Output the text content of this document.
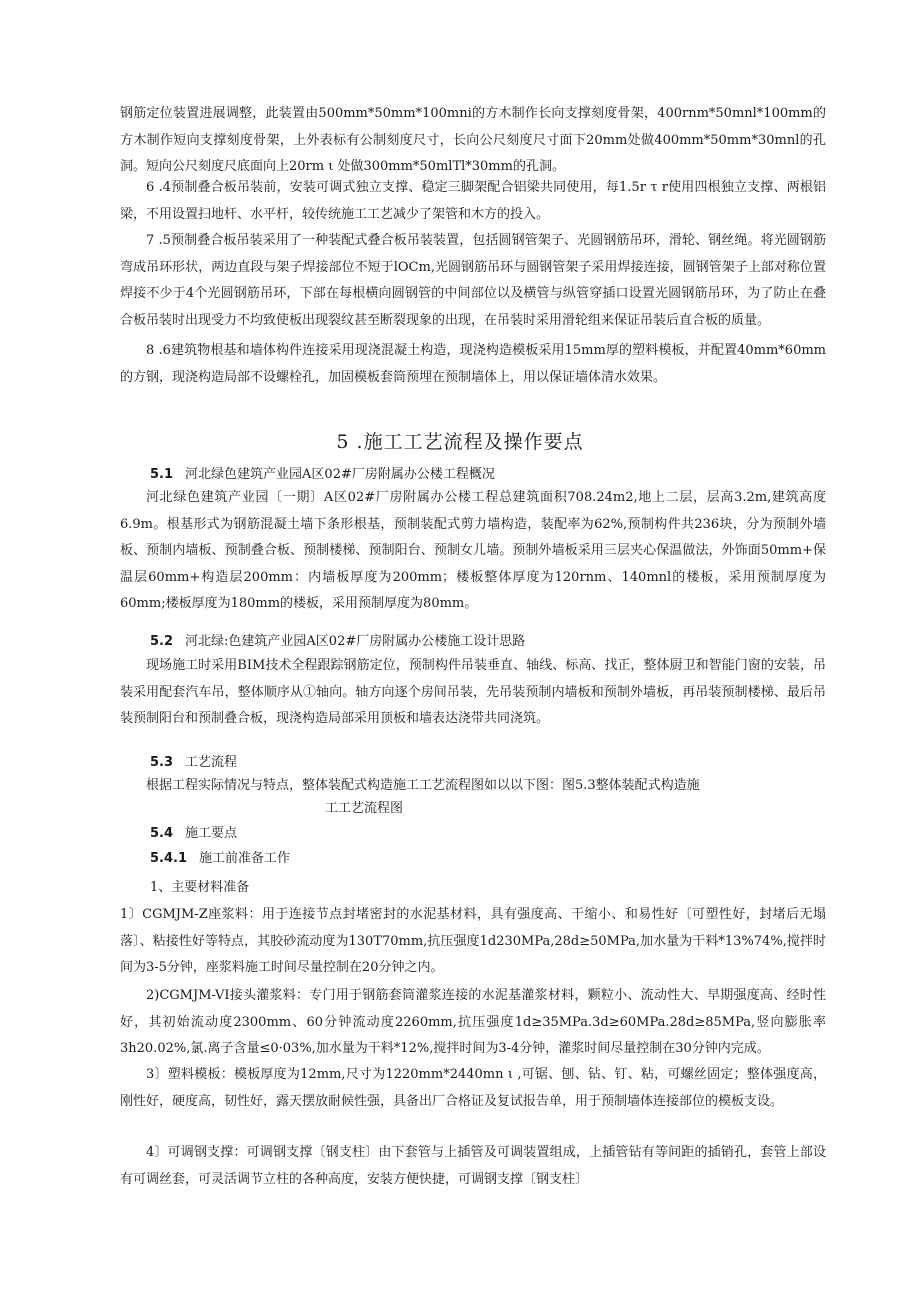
钢筋定位装置进展调整，此装置由500mm*50mm*100mni的方木制作长向支撑刻度骨架，400rnm*50mnl*100mm的方木制作短向支撑刻度骨架，上外表标有公制刻度尺寸，长向公尺刻度尺寸面下20mm处做400mm*50mm*30mnl的孔洞。短向公尺刻度尺底面向上20rm ι 处做300mm*50mlTl*30mm的孔洞。

6 .4预制叠合板吊装前，安装可调式独立支撑、稳定三脚架配合铝梁共同使用，每1.5r τ r使用四根独立支撑、两根铝梁，不用设置扫地杆、水平杆，较传统施工工艺减少了架管和木方的投入。

7 .5预制叠合板吊装采用了一种装配式叠合板吊装装置，包括圆钢管架子、光圆钢筋吊环，滑轮、钢丝绳。将光圆钢筋弯成吊环形状，两边直段与架子焊接部位不短于lOCm,光圆钢筋吊环与圆钢管架子采用焊接连接，圆钢管架子上部对称位置焊接不少于4个光圆钢筋吊环，下部在每根横向圆钢管的中间部位以及横管与纵管穿插口设置光圆钢筋吊环，为了防止在叠合板吊装时出现受力不均致使板出现裂纹甚至断裂现象的出现，在吊装时采用滑轮组来保证吊装后直合板的质量。

8 .6建筑物根基和墙体构件连接采用现浇混凝土构造，现浇构造模板采用15mm厚的塑料模板，并配置40mm*60mm的方钢，现浇构造局部不设螺栓孔，加固模板套筒预埋在预制墙体上，用以保证墙体清水效果。

5 .施工工艺流程及操作要点

5.1 河北绿色建筑产业园A区02#厂房附属办公楼工程概况

河北绿色建筑产业园〔一期〕A区02#厂房附属办公楼工程总建筑面积708.24m2,地上二层，层高3.2m,建筑高度6.9m。根基形式为钢筋混凝土墙下条形根基，预制装配式剪力墙构造，装配率为62%,预制构件共236块，分为预制外墙板、预制内墙板、预制叠合板、预制楼梯、预制阳台、预制女儿墙。预制外墙板采用三层夹心保温做法，外饰面50mm+保温层60mm+构造层200mm：内墙板厚度为200mm；楼板整体厚度为120rnm、140mnl的楼板，采用预制厚度为60mm;楼板厚度为180mm的楼板，采用预制厚度为80mm。

5.2 河北绿:色建筑产业园A区02#厂房附属办公楼施工设计思路

现场施工时采用BIM技术全程跟踪钢筋定位，预制构件吊装垂直、轴线、标高、找正，整体厨卫和智能门窗的安装，吊装采用配套汽车吊，整体顺序从①轴向。轴方向逐个房间吊装，先吊装预制内墙板和预制外墙板，再吊装预制楼梯、最后吊装预制阳台和预制叠合板，现浇构造局部采用顶板和墙表达浇带共同浇筑。

5.3 工艺流程

根据工程实际情况与特点，整体装配式构造施工工艺流程图如以以下图：图5.3整体装配式构造施

工工艺流程图

5.4 施工要点

5.4.1 施工前准备工作

1、主要材料准备

1〕CGMJM-Z座浆料：用于连接节点封堵密封的水泥基材料，具有强度高、干缩小、和易性好〔可塑性好，封堵后无塌落〕、粘接性好等特点，其胶砂流动度为130T70mm,抗压强度1d230MPa,28d≥50MPa,加水量为干料*13%74%,搅拌时间为3-5分钟，座浆料施工时间尽量控制在20分钟之内。

2)CGMJM-VI接头灌浆料：专门用于钢筋套筒灌浆连接的水泥基灌浆材料，颗粒小、流动性大、早期强度高、经时性好，其初始流动度2300mm、60分钟流动度2260mm,抗压强度1d≥35MPa.3d≥60MPa.28d≥85MPa,竖向膨胀率3h20.02%,氯.离子含量≤0·03%,加水量为干料*12%,搅拌时间为3-4分钟，灌浆时间尽量控制在30分钟内完成。

3〕塑料模板：模板厚度为12mm,尺寸为1220mm*2440mn ι ,可锯、刨、钻、钉、粘，可螺丝固定；整体强度高，刚性好，硬度高，韧性好，露天摆放耐候性强，具备出厂合格证及复试报告单，用于预制墙体连接部位的模板支设。

4〕可调钢支撑：可调钢支撑〔钢支柱〕由下套管与上插管及可调装置组成，上插管钻有等间距的插销孔，套管上部设有可调丝套，可灵活调节立柱的各种高度，安装方便快捷，可调钢支撑〔钢支柱〕
